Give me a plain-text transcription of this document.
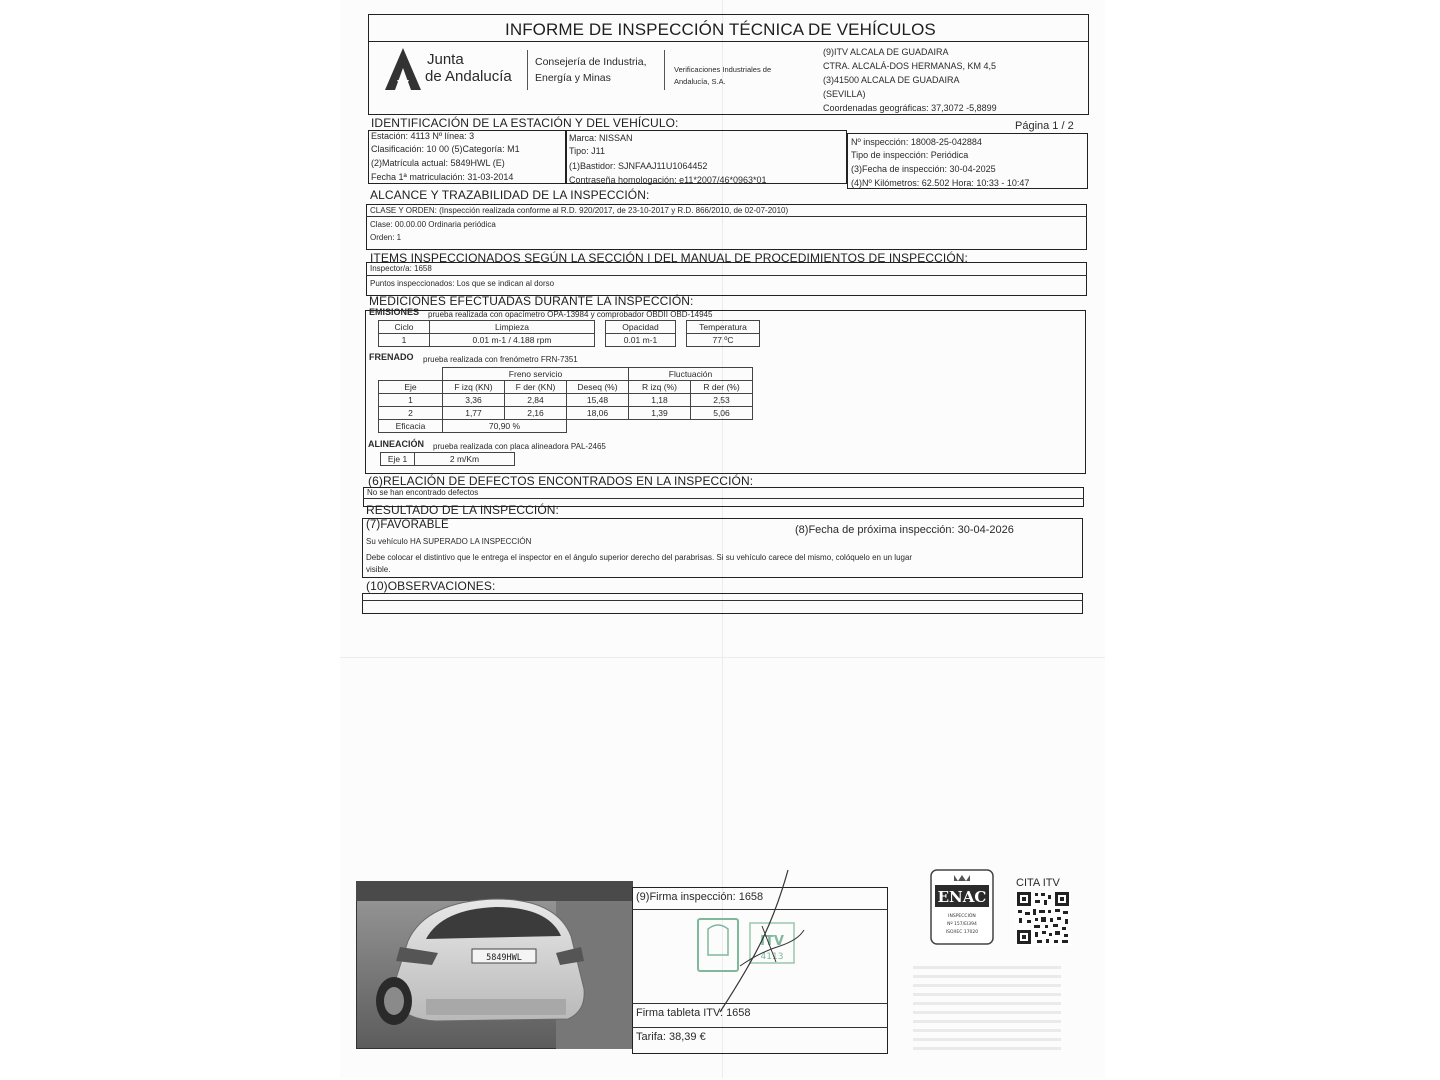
INFORME DE INSPECCIÓN TÉCNICA DE VEHÍCULOS
Junta
de Andalucía
Consejería de Industria,
Energía y Minas
Verificaciones Industriales de
Andalucía, S.A.
(9)ITV ALCALA DE GUADAIRA
CTRA. ALCALÁ-DOS HERMANAS, KM 4,5
(3)41500 ALCALA DE GUADAIRA
(SEVILLA)
Coordenadas geográficas: 37,3072 -5,8899
IDENTIFICACIÓN DE LA ESTACIÓN Y DEL VEHÍCULO:	Página 1 / 2
Estación: 4113 Nº línea: 3
Clasificación: 10 00 (5)Categoría: M1
(2)Matrícula actual: 5849HWL (E)
Fecha 1ª matriculación: 31-03-2014
Marca: NISSAN
Tipo: J11
(1)Bastidor: SJNFAAJ11U1064452
Contraseña homologación: e11*2007/46*0963*01
Nº inspección: 18008-25-042884
Tipo de inspección: Periódica
(3)Fecha de inspección: 30-04-2025
(4)Nº Kilómetros: 62.502 Hora: 10:33 - 10:47
ALCANCE Y TRAZABILIDAD DE LA INSPECCIÓN:
CLASE Y ORDEN: (Inspección realizada conforme al R.D. 920/2017, de 23-10-2017 y R.D. 866/2010, de 02-07-2010)
Clase: 00.00.00 Ordinaria periódica
Orden: 1
ITEMS INSPECCIONADOS SEGÚN LA SECCIÓN I DEL MANUAL DE PROCEDIMIENTOS DE INSPECCIÓN:
Inspector/a: 1658
Puntos inspeccionados: Los que se indican al dorso
MEDICIONES EFECTUADAS DURANTE LA INSPECCIÓN:
EMISIONES prueba realizada con opacímetro OPA-13984 y comprobador OBDII OBD-14945
Ciclo	Limpieza		Opacidad		Temperatura
1	0.01 m-1 / 4.188 rpm		0.01 m-1		77 ºC
FRENADO prueba realizada con frenómetro FRN-7351
	Freno servicio			Fluctuación	
Eje	F izq (KN)	F der (KN)	Deseq (%)	R izq (%)	R der (%)
1	3,36	2,84	15,48	1,18	2,53
2	1,77	2,16	18,06	1,39	5,06
Eficacia	70,90 %				
ALINEACIÓN prueba realizada con placa alineadora PAL-2465
Eje 1	2 m/Km
(6)RELACIÓN DE DEFECTOS ENCONTRADOS EN LA INSPECCIÓN:
No se han encontrado defectos
RESULTADO DE LA INSPECCIÓN:
(7)FAVORABLE	(8)Fecha de próxima inspección: 30-04-2026
Su vehículo HA SUPERADO LA INSPECCIÓN
Debe colocar el distintivo que le entrega el inspector en el ángulo superior derecho del parabrisas. Si su vehículo carece del mismo, colóquelo en un lugar
visible.
(10)OBSERVACIONES:
5849HWL
(9)Firma inspección: 1658
Firma tableta ITV: 1658
Tarifa: 38,39 €
ITV
4113
ENAC
INSPECCIÓN
Nº 157/EI394
ISO/IEC 17020
CITA ITV
